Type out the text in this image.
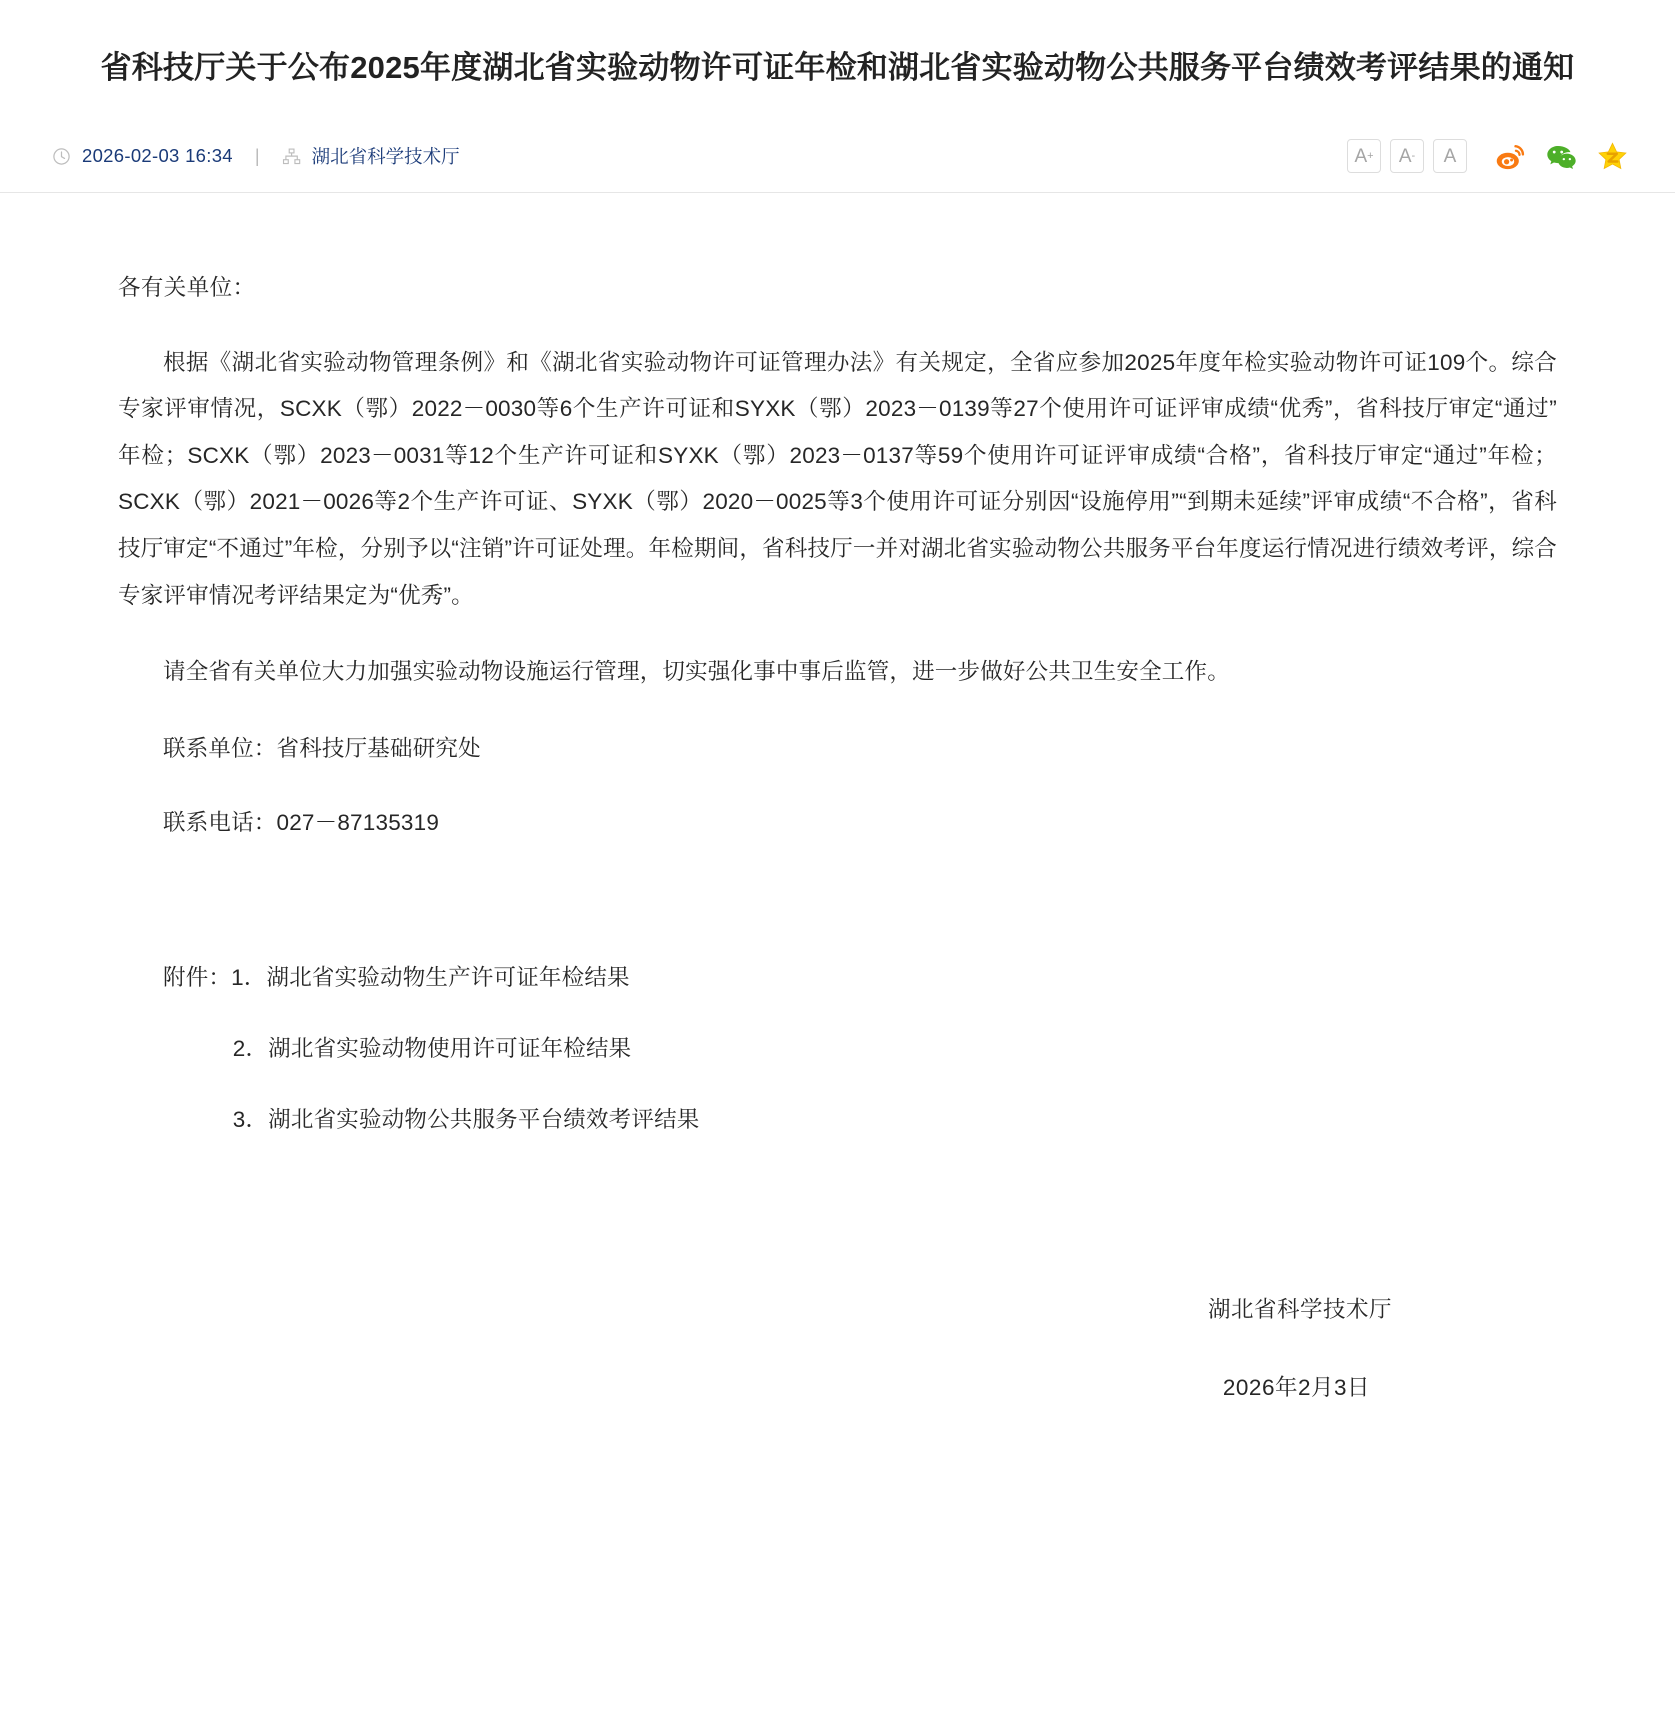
省科技厅关于公布2025年度湖北省实验动物许可证年检和湖北省实验动物公共服务平台绩效考评结果的通知
2026-02-03 16:34 |	湖北省科学技术厅	A + A - A

各有关单位：

根据《湖北省实验动物管理条例》和《湖北省实验动物许可证管理办法》有关规定，全省应参加2025年度年检实验动物许可证109个。综合专家评审情况，SCXK（鄂）2022－0030等6个生产许可证和SYXK（鄂）2023－0139等27个使用许可证评审成绩“优秀”，省科技厅审定“通过”年检；SCXK（鄂）2023－0031等12个生产许可证和SYXK（鄂）2023－0137等59个使用许可证评审成绩“合格”，省科技厅审定“通过”年检；SCXK（鄂）2021－0026等2个生产许可证、SYXK（鄂）2020－0025等3个使用许可证分别因“设施停用”“到期未延续”评审成绩“不合格”，省科技厅审定“不通过”年检，分别予以“注销”许可证处理。年检期间，省科技厅一并对湖北省实验动物公共服务平台年度运行情况进行绩效考评，综合专家评审情况考评结果定为“优秀”。

请全省有关单位大力加强实验动物设施运行管理，切实强化事中事后监管，进一步做好公共卫生安全工作。

联系单位：省科技厅基础研究处

联系电话：027－87135319

附件：1．湖北省实验动物生产许可证年检结果
2．湖北省实验动物使用许可证年检结果
3．湖北省实验动物公共服务平台绩效考评结果
湖北省科学技术厅
2026年2月3日
